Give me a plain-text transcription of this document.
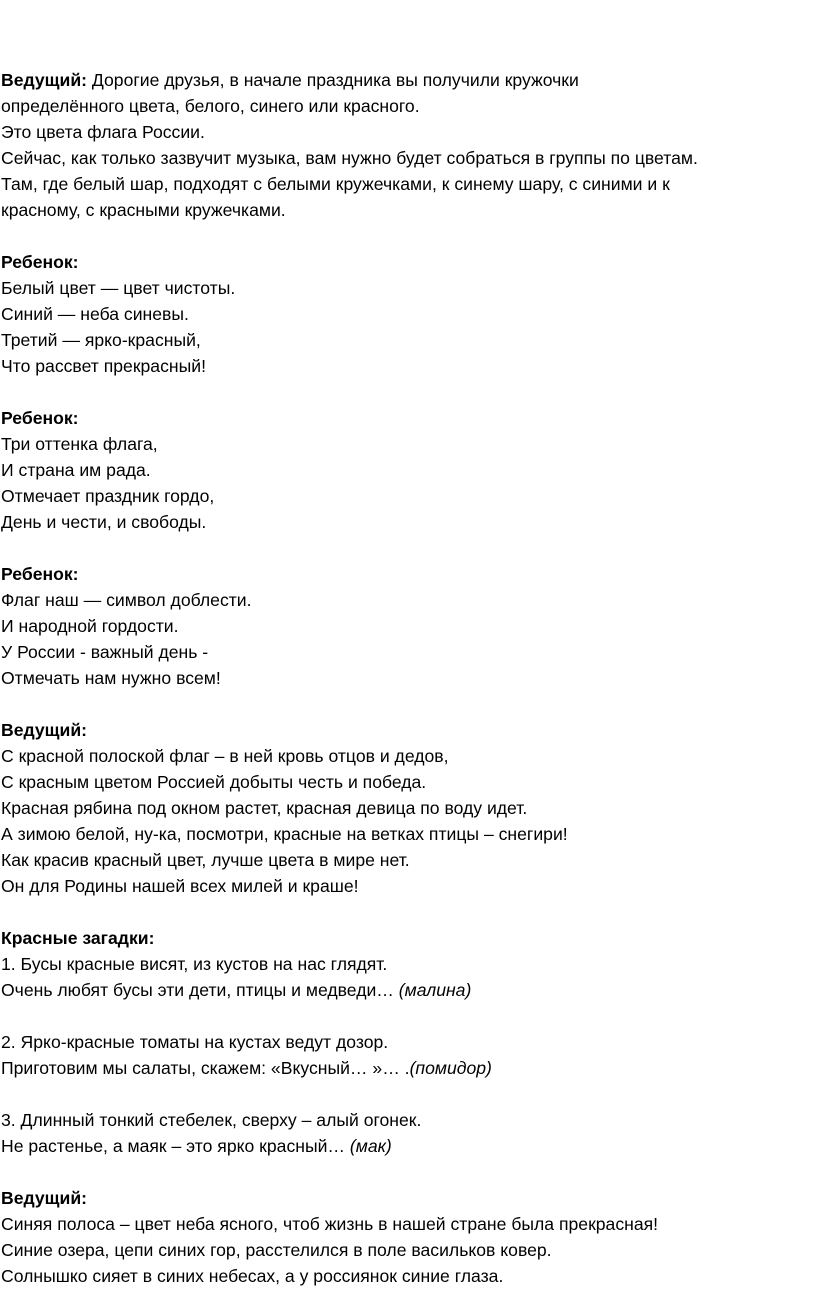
Ведущий: Дорогие друзья, в начале праздника вы получили кружочки
определённого цвета, белого, синего или красного.
Это цвета флага России.
Сейчас, как только зазвучит музыка, вам нужно будет собраться в группы по цветам.
Там, где белый шар, подходят с белыми кружечками, к синему шару, с синими и к
красному, с красными кружечками.
Ребенок:
Белый цвет — цвет чистоты.
Синий — неба синевы.
Третий — ярко-красный,
Что рассвет прекрасный!
Ребенок:
Три оттенка флага,
И страна им рада.
Отмечает праздник гордо,
День и чести, и свободы.
Ребенок:
Флаг наш — символ доблести.
И народной гордости.
У России - важный день -
Отмечать нам нужно всем!
Ведущий:
С красной полоской флаг – в ней кровь отцов и дедов,
С красным цветом Россией добыты честь и победа.
Красная рябина под окном растет, красная девица по воду идет.
А зимою белой, ну-ка, посмотри, красные на ветках птицы – снегири!
Как красив красный цвет, лучше цвета в мире нет.
Он для Родины нашей всех милей и краше!
Красные загадки:
1. Бусы красные висят, из кустов на нас глядят.
Очень любят бусы эти дети, птицы и медведи… (малина)
2. Ярко-красные томаты на кустах ведут дозор.
Приготовим мы салаты, скажем: «Вкусный… »… .(помидор)
3. Длинный тонкий стебелек, сверху – алый огонек.
Не растенье, а маяк – это ярко красный… (мак)
Ведущий:
Синяя полоса – цвет неба ясного, чтоб жизнь в нашей стране была прекрасная!
Синие озера, цепи синих гор, расстелился в поле васильков ковер.
Солнышко сияет в синих небесах, а у россиянок синие глаза.
